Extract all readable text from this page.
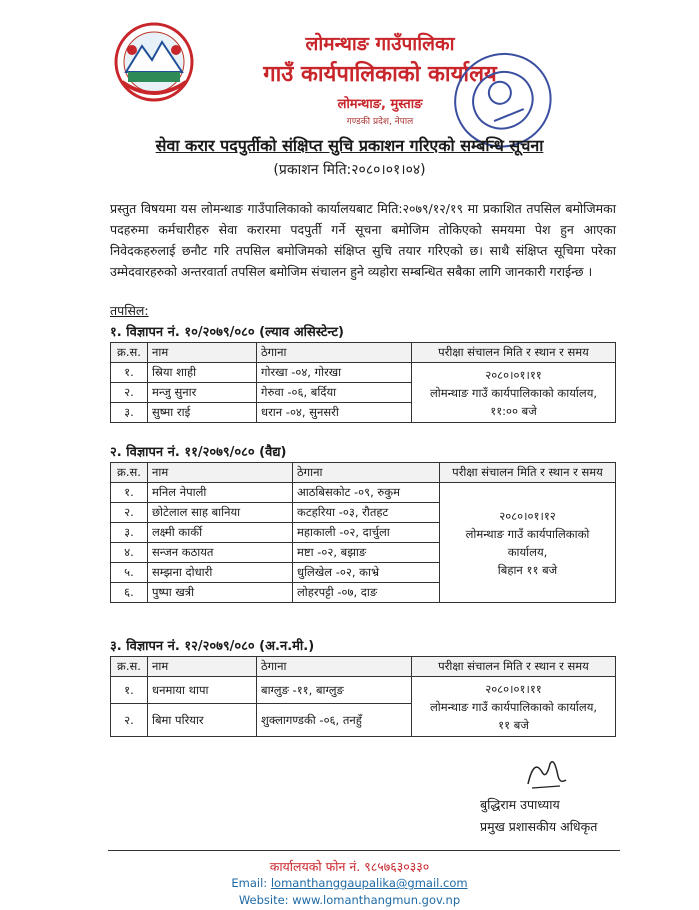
लोमन्थाङ गाउँपालिका
गाउँ कार्यपालिकाको कार्यालय
लोमन्थाङ, मुस्ताङ
गण्डकी प्रदेश, नेपाल
सेवा करार पदपुर्तीको संक्षिप्त सुचि प्रकाशन गरिएको सम्बन्धि सूचना
(प्रकाशन मिति:२०८०।०१।०४)
प्रस्तुत विषयमा यस लोमन्थाङ गाउँपालिकाको कार्यालयबाट मिति:२०७९/१२/१९ मा प्रकाशित तपसिल बमोजिमका पदहरुमा कर्मचारीहरु सेवा करारमा पदपुर्ती गर्ने सूचना बमोजिम तोकिएको समयमा पेश हुन आएका निवेदकहरुलाई छनौट गरि तपसिल बमोजिमको संक्षिप्त सुचि तयार गरिएको छ। साथै संक्षिप्त सूचिमा परेका उम्मेदवारहरुको अन्तरवार्ता तपसिल बमोजिम संचालन हुने व्यहोरा सम्बन्धित सबैका लागि जानकारी गराईन्छ ।
तपसिल:
१. विज्ञापन नं. १०/२०७९/०८० (ल्याव असिस्टेन्ट)
क्र.स.	नाम	ठेगाना	परीक्षा संचालन मिति र स्थान र समय
१.	स्रिया शाही	गोरखा -०४, गोरखा	२०८०।०१।११
लोमन्थाङ गाउँ कार्यपालिकाको कार्यालय,
११:०० बजे

२.	मन्जु सुनार	गेरुवा -०६, बर्दिया	
३.	सुष्मा राई	धरान -०४, सुनसरी	
२. विज्ञापन नं. ११/२०७९/०८० (वैद्य)
क्र.स.	नाम	ठेगाना	परीक्षा संचालन मिति र स्थान र समय
१.	मनिल नेपाली	आठबिसकोट -०९, रुकुम	२०८०।०१।१२
लोमन्थाङ गाउँ कार्यपालिकाको कार्यालय,
बिहान ११ बजे

२.	छोटेलाल साह बानिया	कटहरिया -०३, रौतहट	
३.	लक्ष्मी कार्की	महाकाली -०२, दार्चुला	
४.	सन्जन कठायत	मष्टा -०२, बझाङ	
५.	सम्झना दोधारी	धुलिखेल -०२, काभ्रे	
६.	पुष्पा खत्री	लोहरपट्टी -०७, दाङ	
३. विज्ञापन नं. १२/२०७९/०८० (अ.न.मी.)
क्र.स.	नाम	ठेगाना	परीक्षा संचालन मिति र स्थान र समय
१.	धनमाया थापा	बाग्लुङ -११, बाग्लुङ	२०८०।०१।११
लोमन्थाङ गाउँ कार्यपालिकाको कार्यालय,
११ बजे

२.	बिमा परियार	शुक्लागण्डकी -०६, तनहुँ	
बुद्धिराम उपाध्याय
प्रमुख प्रशासकीय अधिकृत
कार्यालयको फोन नं. ९८५७६३०३३०
Email: lomanthanggaupalika@gmail.com
Website: www.lomanthangmun.gov.np
